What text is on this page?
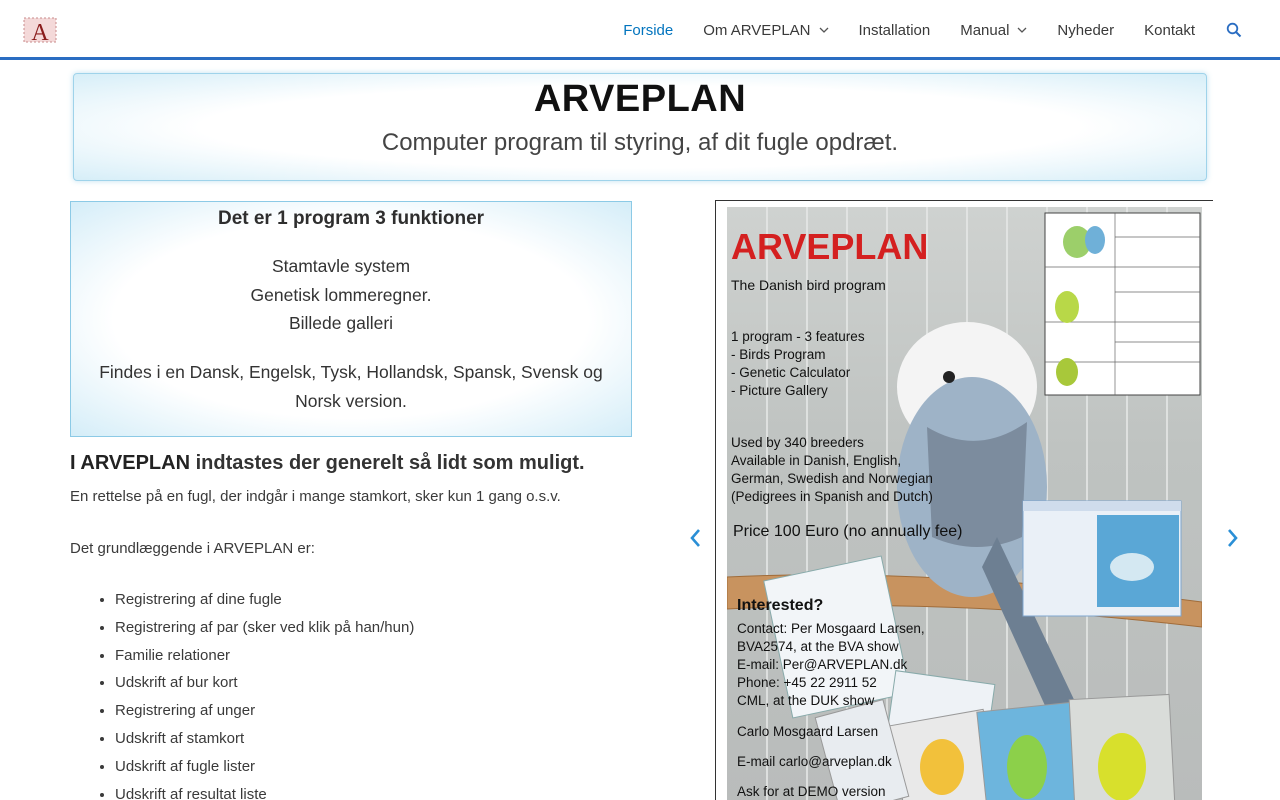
A	Forside Om ARVEPLAN	Installation Manual	Nyheder Kontakt
ARVEPLAN

Computer program til styring, af dit fugle opdræt.

Det er 1 program 3 funktioner
Stamtavle system
Genetisk lommeregner.
Billede galleri

Findes i en Dansk, Engelsk, Tysk, Hollandsk, Spansk, Svensk og Norsk version.

I ARVEPLAN indtastes der generelt så lidt som muligt.

En rettelse på en fugl, der indgår i mange stamkort, sker kun 1 gang o.s.v.

Det grundlæggende i ARVEPLAN er:

• Registrering af dine fugle
• Registrering af par (sker ved klik på han/hun)
• Familie relationer
• Udskrift af bur kort
• Registrering af unger
• Udskrift af stamkort
• Udskrift af fugle lister
• Udskrift af resultat liste
ARVEPLAN
The Danish bird program
1 program - 3 features
- Birds Program
- Genetic Calculator
- Picture Gallery
Used by 340 breeders
Available in Danish, English,
German, Swedish and Norwegian
(Pedigrees in Spanish and Dutch)
Price 100 Euro (no annually fee)
Interested?
Contact: Per Mosgaard Larsen,
BVA2574, at the BVA show
E-mail: Per@ARVEPLAN.dk
Phone: +45 22 2911 52
CML, at the DUK show
Carlo Mosgaard Larsen
E-mail carlo@arveplan.dk
Ask for at DEMO version
